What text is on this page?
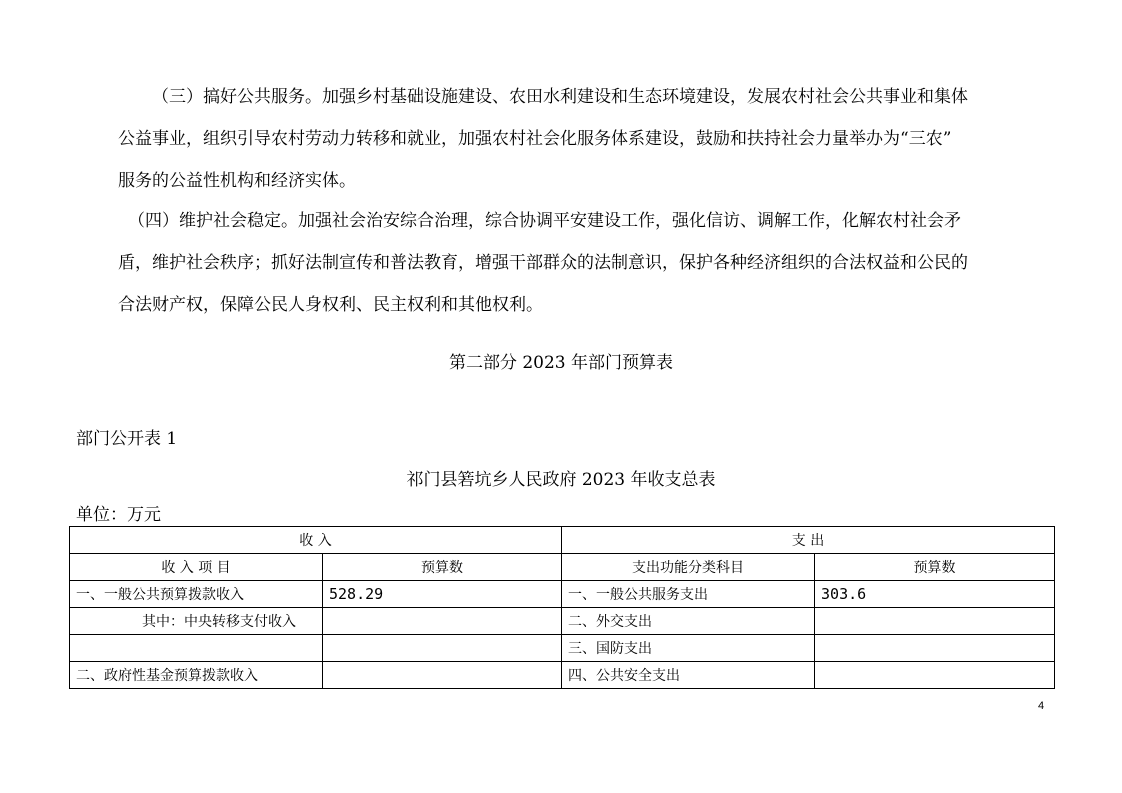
（三）搞好公共服务。加强乡村基础设施建设、农田水利建设和生态环境建设，发展农村社会公共事业和集体
公益事业，组织引导农村劳动力转移和就业，加强农村社会化服务体系建设，鼓励和扶持社会力量举办为“三农”
服务的公益性机构和经济实体。
（四）维护社会稳定。加强社会治安综合治理，综合协调平安建设工作，强化信访、调解工作，化解农村社会矛
盾，维护社会秩序；抓好法制宣传和普法教育，增强干部群众的法制意识，保护各种经济组织的合法权益和公民的
合法财产权，保障公民人身权利、民主权利和其他权利。
第二部分 2023 年部门预算表
部门公开表 1
祁门县箬坑乡人民政府 2023 年收支总表
单位：万元
收 入		支 出	
收 入 项 目	预算数	支出功能分类科目	预算数
一、一般公共预算拨款收入	528.29	一、一般公共服务支出	303.6
其中：中央转移支付收入		二、外交支出	
		三、国防支出	
二、政府性基金预算拨款收入		四、公共安全支出	
4
